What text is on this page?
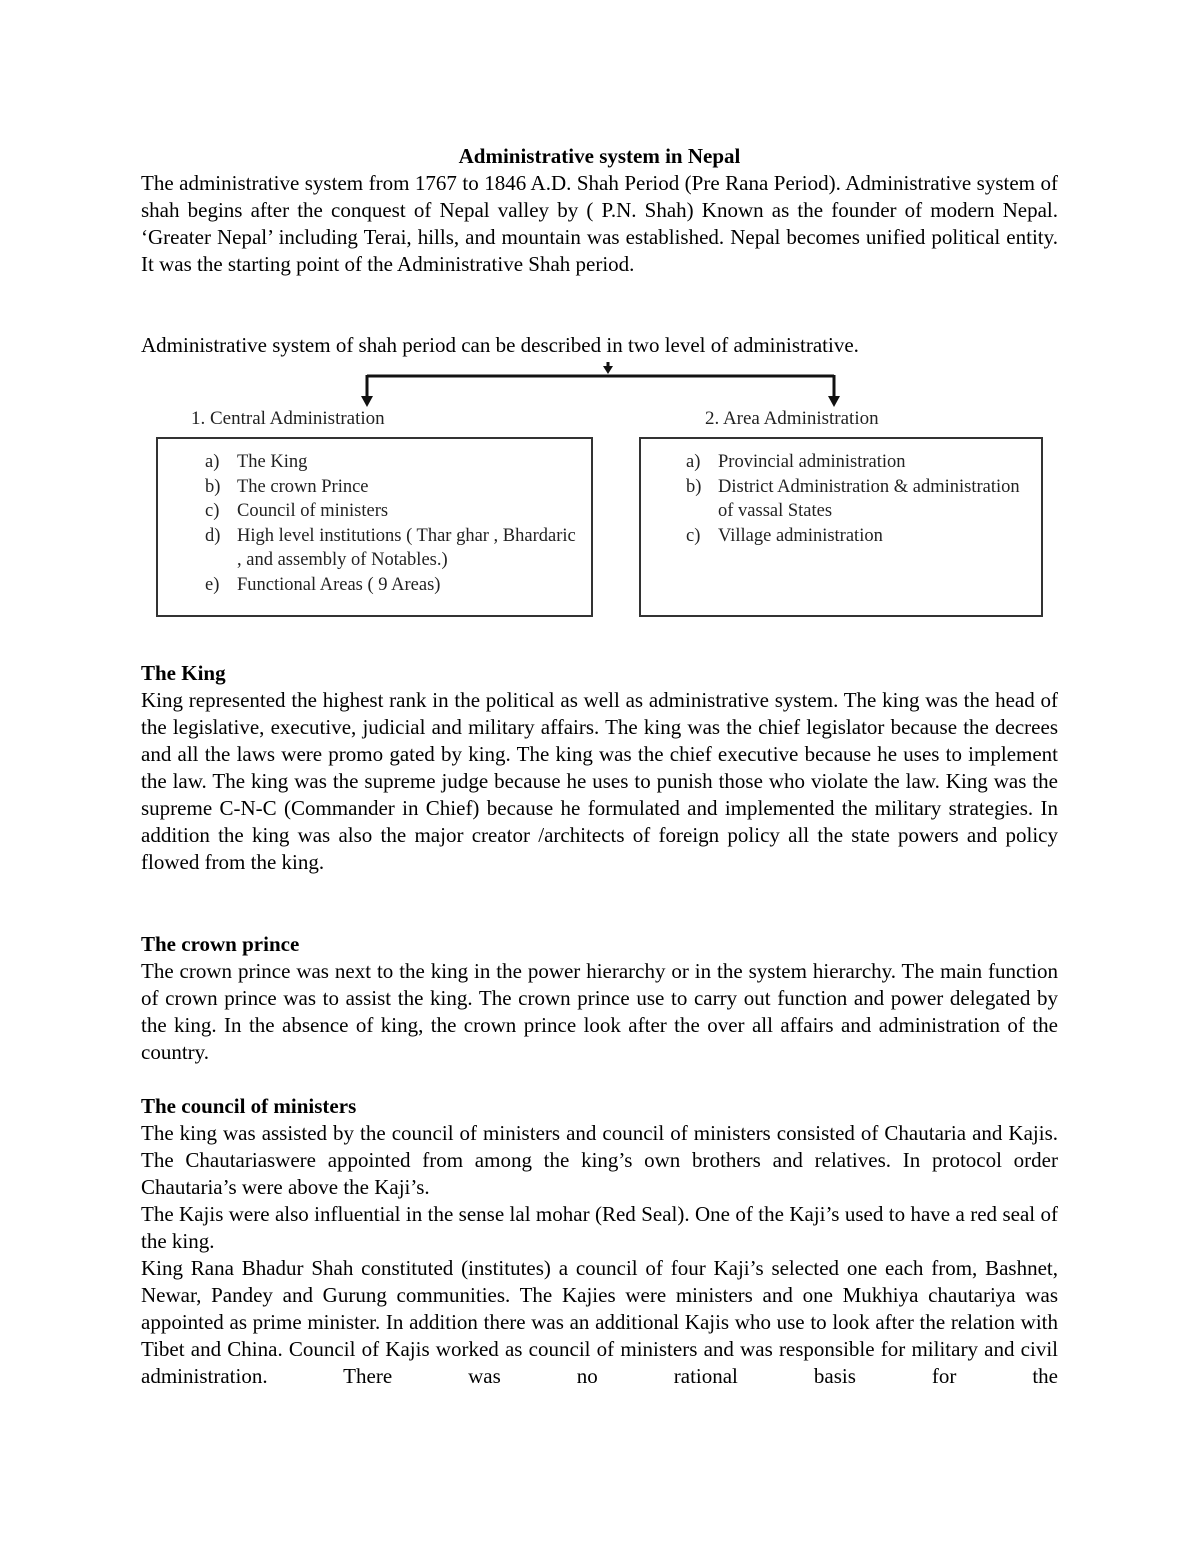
Administrative system in Nepal
The administrative system from 1767 to 1846 A.D. Shah Period (Pre Rana Period). Administrative system of shah begins after the conquest of Nepal valley by ( P.N. Shah) Known as the founder of modern Nepal. ‘Greater Nepal’ including Terai, hills, and mountain was established. Nepal becomes unified political entity. It was the starting point of the Administrative Shah period.
Administrative system of shah period can be described in two level of administrative.
1. Central Administration	2. Area Administration
a) The King
b) The crown Prince
c) Council of ministers
d) High level institutions ( Thar ghar , Bhardaric , and assembly of Notables.)
e) Functional Areas ( 9 Areas)
a) Provincial administration
b) District Administration & administration of vassal States
c) Village administration
The King
King represented the highest rank in the political as well as administrative system. The king was the head of the legislative, executive, judicial and military affairs. The king was the chief legislator because the decrees and all the laws were promo gated by king. The king was the chief executive because he uses to implement the law. The king was the supreme judge because he uses to punish those who violate the law. King was the supreme C-N-C (Commander in Chief) because he formulated and implemented the military strategies. In addition the king was also the major creator /architects of foreign policy all the state powers and policy flowed from the king.
The crown prince
The crown prince was next to the king in the power hierarchy or in the system hierarchy. The main function of crown prince was to assist the king. The crown prince use to carry out function and power delegated by the king. In the absence of king, the crown prince look after the over all affairs and administration of the country.
The council of ministers
The king was assisted by the council of ministers and council of ministers consisted of Chautaria and Kajis. The Chautariaswere appointed from among the king’s own brothers and relatives. In protocol order Chautaria’s were above the Kaji’s.
The Kajis were also influential in the sense lal mohar (Red Seal). One of the Kaji’s used to have a red seal of the king.
King Rana Bhadur Shah constituted (institutes) a council of four Kaji’s selected one each from, Bashnet, Newar, Pandey and Gurung communities. The Kajies were ministers and one Mukhiya chautariya was appointed as prime minister. In addition there was an additional Kajis who use to look after the relation with Tibet and China. Council of Kajis worked as council of ministers and was responsible for military and civil administration. There was no rational basis for the
